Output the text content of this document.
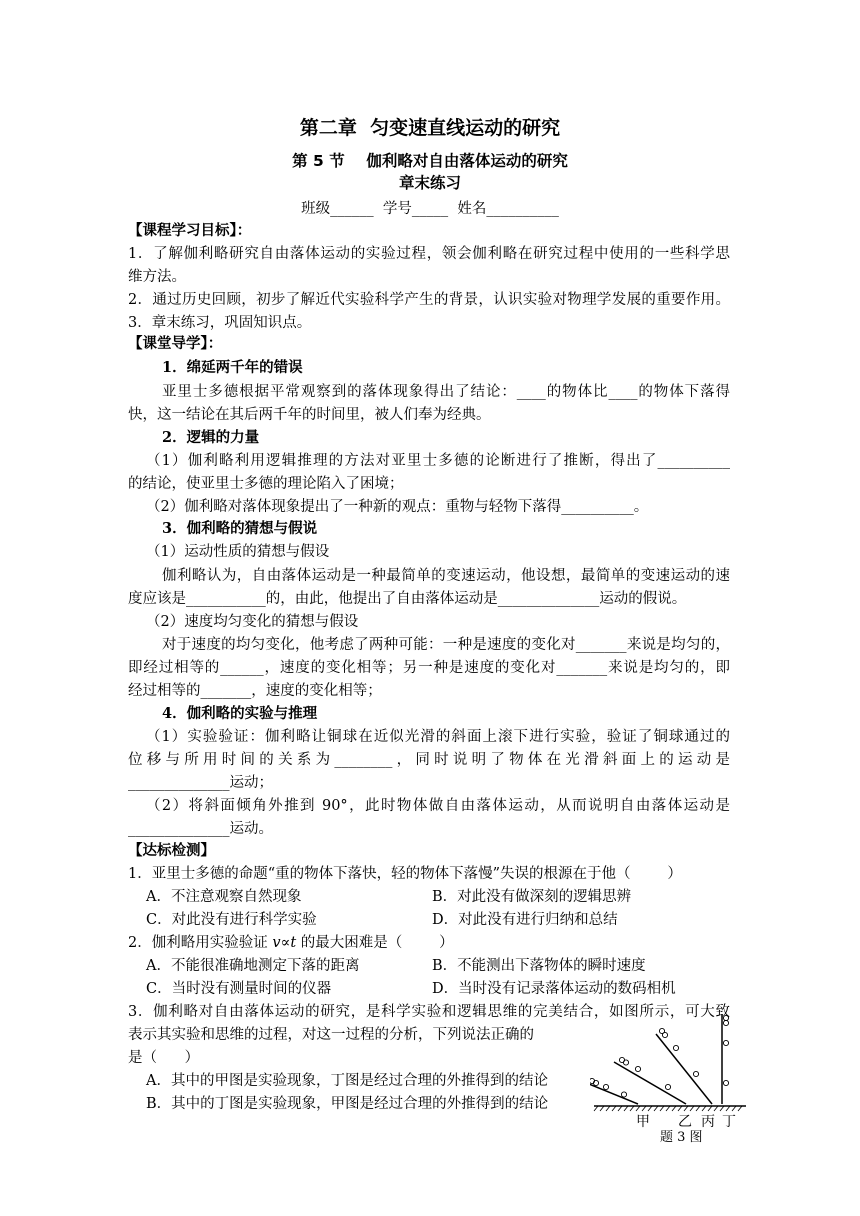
第二章  匀变速直线运动的研究
第 5 节    伽利略对自由落体运动的研究
章末练习
班级______  学号_____  姓名__________
【课程学习目标】：
1．了解伽利略研究自由落体运动的实验过程，领会伽利略在研究过程中使用的一些科学思
维方法。
2．通过历史回顾，初步了解近代实验科学产生的背景，认识实验对物理学发展的重要作用。
3．章末练习，巩固知识点。
【课堂导学】：
1．绵延两千年的错误
亚里士多德根据平常观察到的落体现象得出了结论：____的物体比____的物体下落得
快，这一结论在其后两千年的时间里，被人们奉为经典。
2．逻辑的力量
（1）伽利略利用逻辑推理的方法对亚里士多德的论断进行了推断，得出了__________
的结论，使亚里士多德的理论陷入了困境；
（2）伽利略对落体现象提出了一种新的观点：重物与轻物下落得__________。
3．伽利略的猜想与假说
（1）运动性质的猜想与假设
伽利略认为，自由落体运动是一种最简单的变速运动，他设想，最简单的变速运动的速
度应该是___________的，由此，他提出了自由落体运动是______________运动的假说。
（2）速度均匀变化的猜想与假设
对于速度的均匀变化，他考虑了两种可能：一种是速度的变化对_______来说是均匀的，
即经过相等的______，速度的变化相等；另一种是速度的变化对_______来说是均匀的，即
经过相等的_______，速度的变化相等；
4．伽利略的实验与推理
（1）实验验证：伽利略让铜球在近似光滑的斜面上滚下进行实验，验证了铜球通过的
位移与所用时间的关系为________，同时说明了物体在光滑斜面上的运动是
______________运动；
（2）将斜面倾角外推到 90°，此时物体做自由落体运动，从而说明自由落体运动是
______________运动。
【达标检测】
1．亚里士多德的命题“重的物体下落快，轻的物体下落慢”失误的根源在于他（        ）
A．不注意观察自然现象	B．对此没有做深刻的逻辑思辨
C．对此没有进行科学实验	D．对此没有进行归纳和总结
2．伽利略用实验验证 v∝t 的最大困难是（        ）
A．不能很准确地测定下落的距离	B．不能测出下落物体的瞬时速度
C．当时没有测量时间的仪器	D．当时没有记录落体运动的数码相机
3．伽利略对自由落体运动的研究，是科学实验和逻辑思维的完美结合，如图所示，可大致
表示其实验和思维的过程，对这一过程的分析，下列说法正确的
是（      ）
A．其中的甲图是实验现象，丁图是经过合理的外推得到的结论
B．其中的丁图是实验现象，甲图是经过合理的外推得到的结论
甲 乙 丙 丁
题 3 图
